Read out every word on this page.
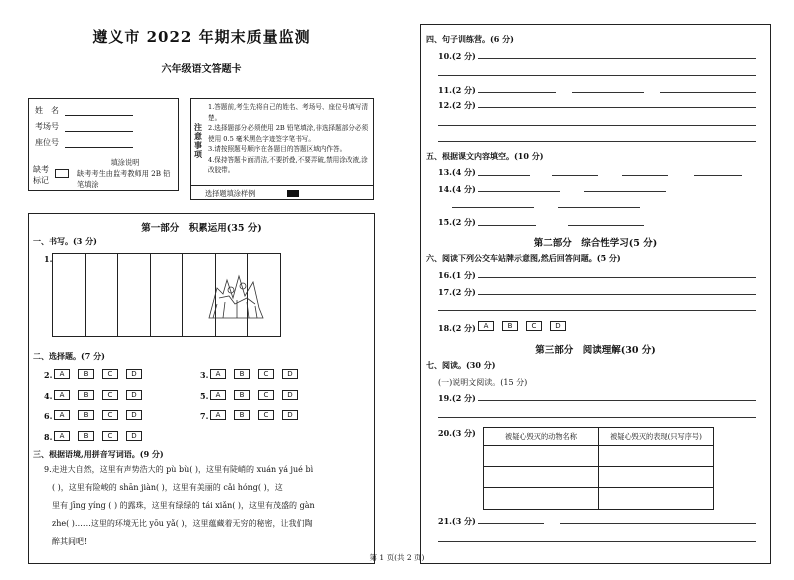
遵义市 2022 年期末质量监测
六年级语文答题卡
姓　名
考场号
座位号
缺考标记
填涂说明
缺考考生由监考教师用 2B 铅笔填涂
注意事项
1.答题前,考生先将自己的姓名、考场号、座位号填写清楚。
2.选择题部分必须使用 2B 铅笔填涂,非选择题部分必须使用 0.5 毫米黑色字迹签字笔书写。
3.请按照题号顺序在各题目的答题区域内作答。
4.保持答题卡面清洁,不要折叠,不要弄破,禁用涂改液,涂改胶带。
选择题填涂样例
第一部分　积累运用(35 分)
一、书写。(3 分)
1.
二、选择题。(7 分)
2.	A	B	C	D	3.	A	B	C	D
4.	A	B	C	D	5.	A	B	C	D
6.	A	B	C	D	7.	A	B	C	D
8.	A	B	C	D
三、根据语境,用拼音写词语。(9 分)
9.走进大自然，这里有声势浩大的 pù bù( )，这里有陡峭的 xuán yá jué bì
( )，这里有险峻的 shān jiàn( )，这里有美丽的 cǎi hóng( )，这
里有 jīng yíng ( ) 的露珠，这里有绿绿的 tái xiǎn( )，这里有茂盛的 gàn
zhe( )……这里的环境无比 yōu yǎ( )，这里蕴藏着无穷的秘密，让我们陶
醉其间吧!
四、句子训练营。(6 分)
10.(2 分)
11.(2 分)
12.(2 分)
五、根据课文内容填空。(10 分)
13.(4 分)
14.(4 分)
15.(2 分)
第二部分　综合性学习(5 分)
六、阅读下列公交车站牌示意图,然后回答问题。(5 分)
16.(1 分)
17.(2 分)
18.(2 分)	A	B	C	D
第三部分　阅读理解(30 分)
七、阅读。(30 分)
(一)说明文阅读。(15 分)
19.(2 分)
20.(3 分)	被疑心毁灭的动物名称	被疑心毁灭的表现(只写序号)
21.(3 分)
第 1 页(共 2 页)
